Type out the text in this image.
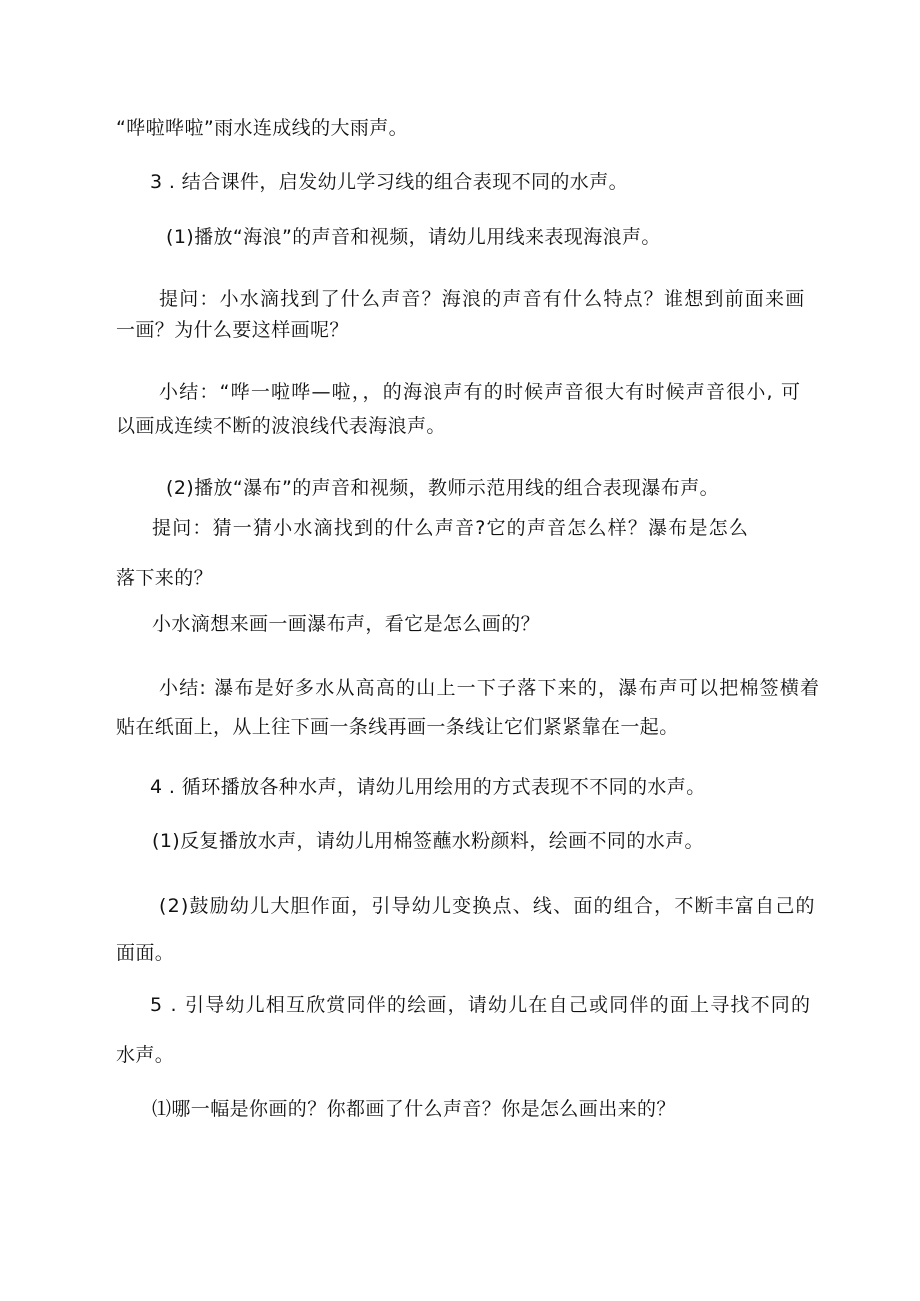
“哗啦哗啦”雨水连成线的大雨声。
3 . 结合课件，启发幼儿学习线的组合表现不同的水声。
(1)播放“海浪”的声音和视频，请幼儿用线来表现海浪声。
提问：小水滴找到了什么声音？海浪的声音有什么特点？谁想到前面来画
一画？为什么要这样画呢？
小结：“哗一啦哗—啦，，的海浪声有的时候声音很大有时候声音很小, 可
以画成连续不断的波浪线代表海浪声。
(2)播放“瀑布”的声音和视频，教师示范用线的组合表现瀑布声。
提问：猜一猜小水滴找到的什么声音?它的声音怎么样？瀑布是怎么
落下来的？
小水滴想来画一画瀑布声，看它是怎么画的？
小结: 瀑布是好多水从高高的山上一下子落下来的，瀑布声可以把棉签横着
贴在纸面上，从上往下画一条线再画一条线让它们紧紧靠在一起。
4 . 循环播放各种水声，请幼儿用绘用的方式表现不不同的水声。
(1)反复播放水声，请幼儿用棉签蘸水粉颜料，绘画不同的水声。
(2)鼓励幼儿大胆作面，引导幼儿变换点、线、面的组合，不断丰富自己的
面面。
5 . 引导幼儿相互欣赏同伴的绘画，请幼儿在自己或同伴的面上寻找不同的
水声。
⑴哪一幅是你画的？你都画了什么声音？你是怎么画出来的？
